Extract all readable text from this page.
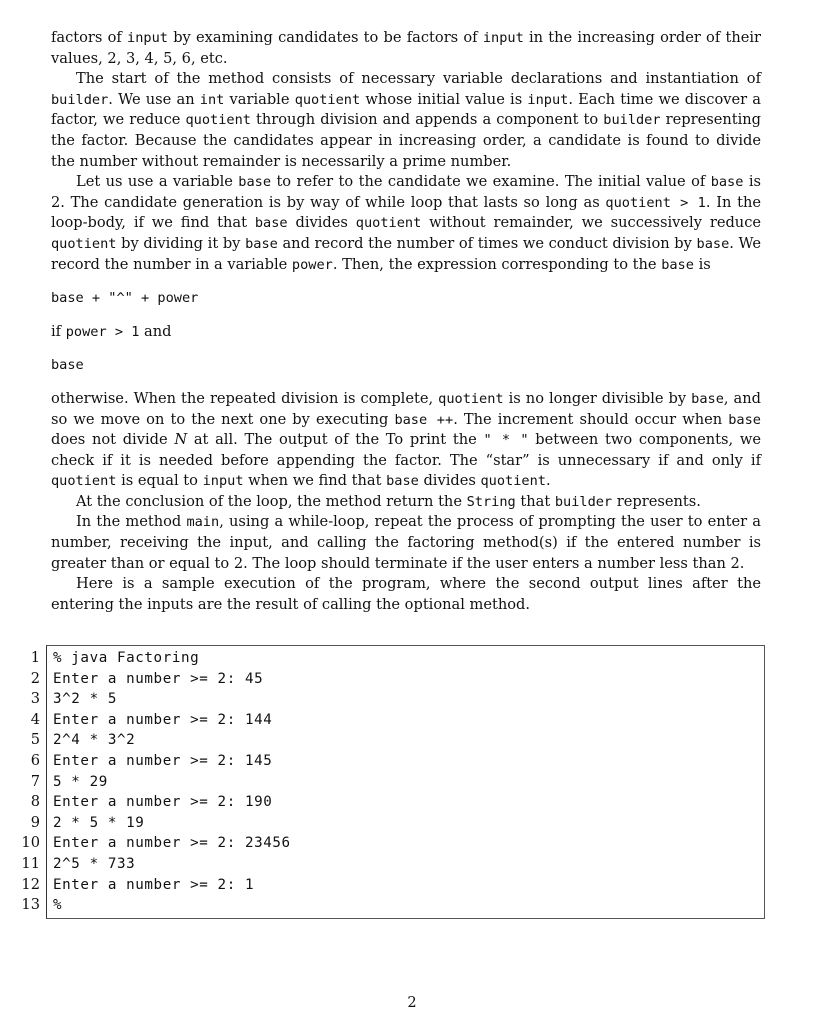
factors of input by examining candidates to be factors of input in the increasing order of their values, 2, 3, 4, 5, 6, etc.

The start of the method consists of necessary variable declarations and instantiation of builder. We use an int variable quotient whose initial value is input. Each time we discover a factor, we reduce quotient through division and appends a component to builder representing the factor. Because the candidates appear in increasing order, a candidate is found to divide the number without remainder is necessarily a prime number.

Let us use a variable base to refer to the candidate we examine. The initial value of base is 2. The candidate generation is by way of while loop that lasts so long as quotient > 1. In the loop-body, if we find that base divides quotient without remainder, we successively reduce quotient by dividing it by base and record the number of times we conduct division by base. We record the number in a variable power. Then, the expression corresponding to the base is

base + "^" + power

if power > 1 and

base

otherwise. When the repeated division is complete, quotient is no longer divisible by base, and so we move on to the next one by executing base ++. The increment should occur when base does not divide N at all. The output of the To print the " * " between two components, we check if it is needed before appending the factor. The “star” is unnecessary if and only if quotient is equal to input when we find that base divides quotient.

At the conclusion of the loop, the method return the String that builder represents.

In the method main, using a while-loop, repeat the process of prompting the user to enter a number, receiving the input, and calling the factoring method(s) if the entered number is greater than or equal to 2. The loop should terminate if the user enters a number less than 2.

Here is a sample execution of the program, where the second output lines after the entering the inputs are the result of calling the optional method.

1
2
3
4
5
6
7
8
9
10
11
12
13
% java Factoring
Enter a number >= 2: 45
3^2 * 5
Enter a number >= 2: 144
2^4 * 3^2
Enter a number >= 2: 145
5 * 29
Enter a number >= 2: 190
2 * 5 * 19
Enter a number >= 2: 23456
2^5 * 733
Enter a number >= 2: 1
%
2
